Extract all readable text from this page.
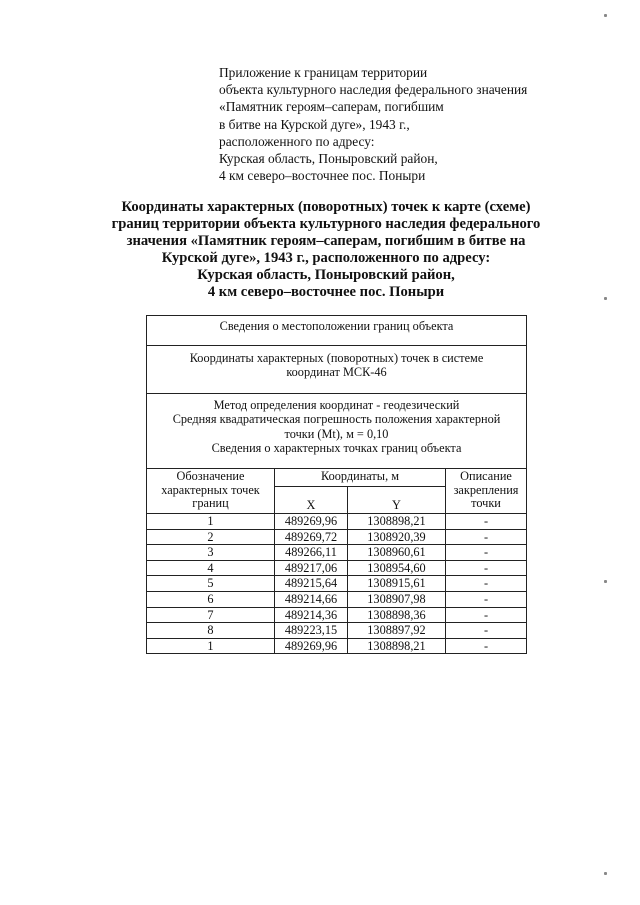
Приложение к границам территории
объекта культурного наследия федерального значения
«Памятник героям–саперам, погибшим
в битве на Курской дуге», 1943 г.,
расположенного по адресу:
Курская область, Поныровский район,
4 км северо–восточнее пос. Поныри
Координаты характерных (поворотных) точек к карте (схеме)
границ территории объекта культурного наследия федерального
значения «Памятник героям–саперам, погибшим в битве на
Курской дуге», 1943 г., расположенного по адресу:
Курская область, Поныровский район,
4 км северо–восточнее пос. Поныри
Сведения о местоположении границ объекта			

Координаты характерных (поворотных) точек в системе
координат МСК-46			

Метод определения координат - геодезический
Средняя квадратическая погрешность положения характерной
точки (Mt), м = 0,10
Сведения о характерных точках границ объекта			

Обозначение
характерных точек
границ	Координаты, м		Описание
закрепления
точки

	X	Y	
1	489269,96	1308898,21	-
2	489269,72	1308920,39	-
3	489266,11	1308960,61	-
4	489217,06	1308954,60	-
5	489215,64	1308915,61	-
6	489214,66	1308907,98	-
7	489214,36	1308898,36	-
8	489223,15	1308897,92	-
1	489269,96	1308898,21	-
